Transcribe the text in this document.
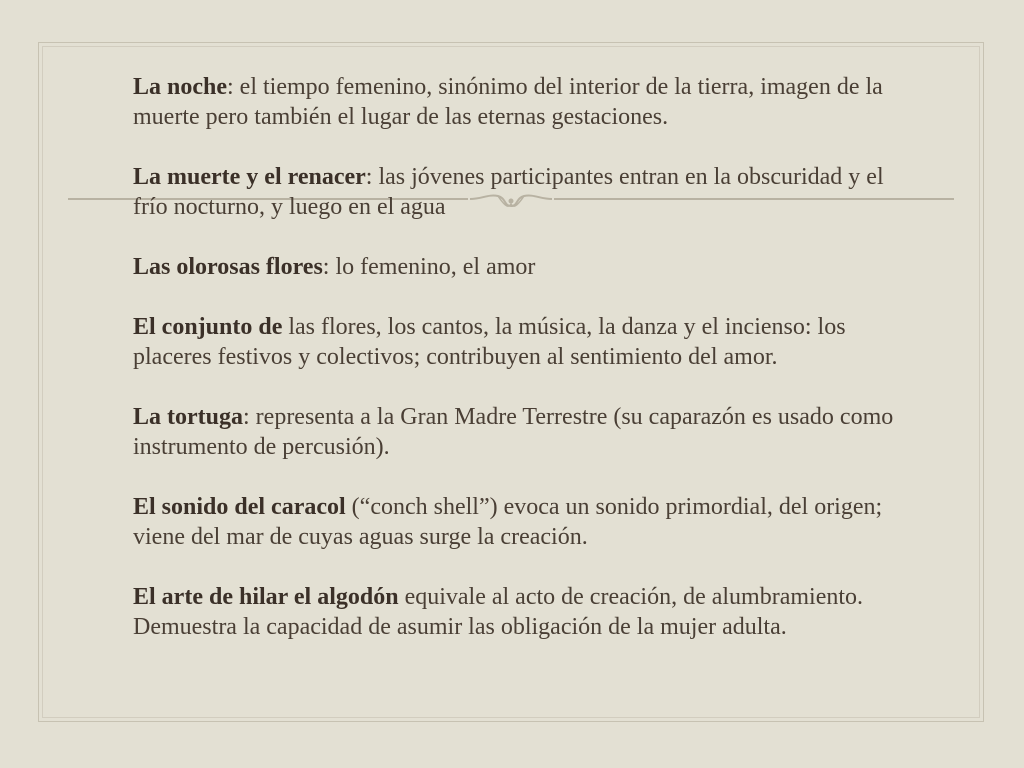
La noche: el tiempo femenino, sinónimo del interior de la tierra, imagen de la muerte pero también el lugar de las eternas gestaciones.

La muerte y el renacer: las jóvenes participantes entran en la obscuridad y el frío nocturno, y luego en el agua

Las olorosas flores: lo femenino, el amor

El conjunto de las flores, los cantos, la música, la danza y el incienso: los placeres festivos y colectivos; contribuyen al sentimiento del amor.

La tortuga: representa a la Gran Madre Terrestre (su caparazón es usado como instrumento de percusión).

El sonido del caracol (“conch shell”) evoca un sonido primordial, del origen; viene del mar de cuyas aguas surge la creación.

El arte de hilar el algodón equivale al acto de creación, de alumbramiento. Demuestra la capacidad de asumir las obligación de la mujer adulta.
